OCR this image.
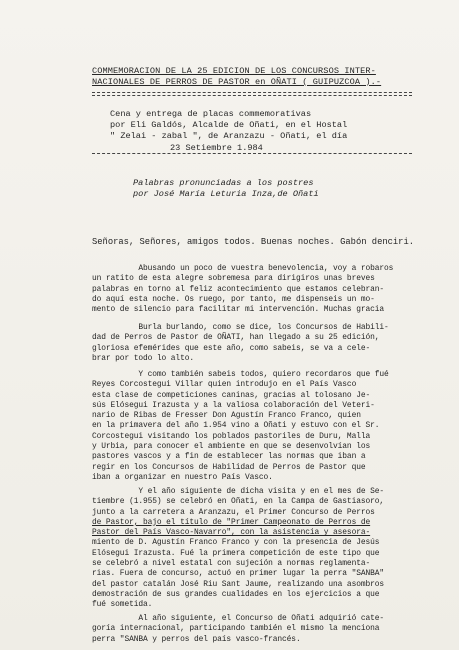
COMMEMORACION DE LA 25 EDICION DE LOS CONCURSOS INTER-
NACIONALES DE PERROS DE PASTOR en OÑATI ( GUIPUZCOA ).-
Cena y entrega de placas commemorativas
por Eli Galdós, Alcalde de Oñati, en el Hostal
" Zelai - zabal ", de Aranzazu - Oñati, el día
23 Setiembre 1.984
Palabras pronunciadas a los postres
por José María Leturia Inza,de Oñati
Señoras, Señores, amigos todos. Buenas noches. Gabón denciri.
Abusando un poco de vuestra benevolencia, voy a robaros
un ratito de esta alegre sobremesa para dirigiros unas breves
palabras en torno al feliz acontecimiento que estamos celebran-
do aquí esta noche. Os ruego, por tanto, me dispenseis un mo-
mento de silencio para facilitar mi intervención. Muchas gracia
Burla burlando, como se dice, los Concursos de Habili-
dad de Perros de Pastor de OÑATI, han llegado a su 25 edición,
gloriosa efemérides que este año, como sabeis, se va a cele-
brar por todo lo alto.
Y como también sabeis todos, quiero recordaros que fué
Reyes Corcostegui Villar quien introdujo en el País Vasco
esta clase de competiciones caninas, gracias al tolosano Je-
sús Elósegui Irazusta y a la valiosa colaboración del Veteri-
nario de Ribas de Fresser Don Agustín Franco Franco, quien
en la primavera del año 1.954 vino a Oñati y estuvo con el Sr.
Corcostegui visitando los poblados pastoriles de Duru, Malla
y Urbia, para conocer el ambiente en que se desenvolvían los
pastores vascos y a fin de establecer las normas que iban a
regir en los Concursos de Habilidad de Perros de Pastor que
iban a organizar en nuestro País Vasco.
Y el año siguiente de dicha visita y en el mes de Se-
tiembre (1.955) se celebró en Oñati, en la Campa de Gastiasoro,
junto a la carretera a Aranzazu, el Primer Concurso de Perros
de Pastor, bajo el título de "Primer Campeonato de Perros de
Pastor del País Vasco-Navarro", con la asistencia y asesora-
miento de D. Agustín Franco Franco y con la presencia de Jesús
Elósegui Irazusta. Fué la primera competición de este tipo que
se celebró a nivel estatal con sujeción a normas reglamenta-
rias. Fuera de concurso, actuó en primer lugar la perra "SANBA"
del pastor catalán José Riu Sant Jaume, realizando una asombros
demostración de sus grandes cualidades en los ejercicios a que
fué sometida.
Al año siguiente, el Concurso de Oñati adquirió cate-
goría internacional, participando también el mismo la menciona
perra "SANBA y perros del país vasco-francés.
